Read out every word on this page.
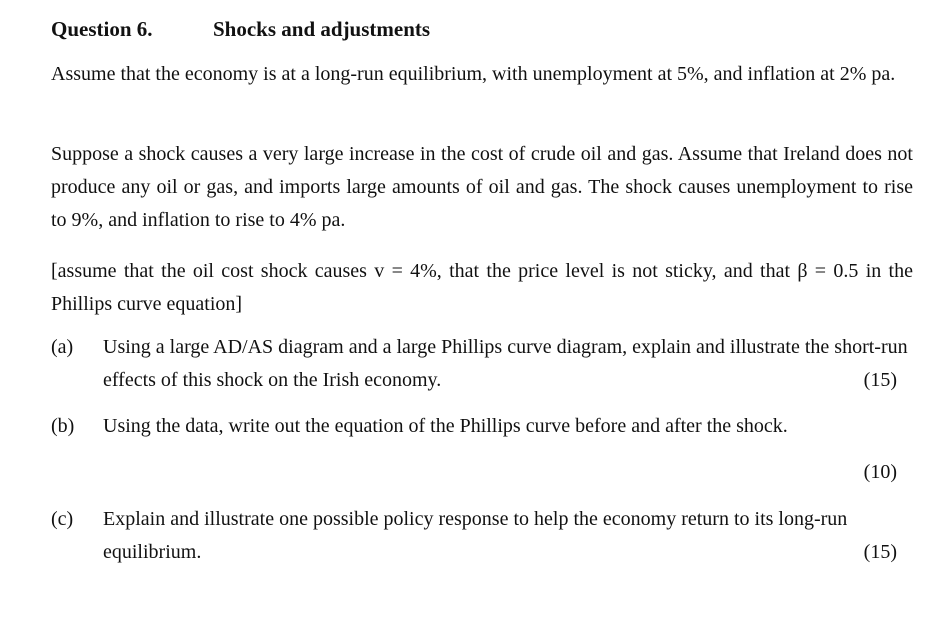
Question 6.	Shocks and adjustments
Assume that the economy is at a long-run equilibrium, with unemployment at 5%, and inflation at 2% pa.
Suppose a shock causes a very large increase in the cost of crude oil and gas. Assume that Ireland does not produce any oil or gas, and imports large amounts of oil and gas. The shock causes unemployment to rise to 9%, and inflation to rise to 4% pa.
[assume that the oil cost shock causes v = 4%, that the price level is not sticky, and that β = 0.5 in the Phillips curve equation]
(a) Using a large AD/AS diagram and a large Phillips curve diagram, explain and illustrate the short-run effects of this shock on the Irish economy.	(15)
(b) Using the data, write out the equation of the Phillips curve before and after the shock.
(10)
(c) Explain and illustrate one possible policy response to help the economy return to its long-run equilibrium.	(15)
